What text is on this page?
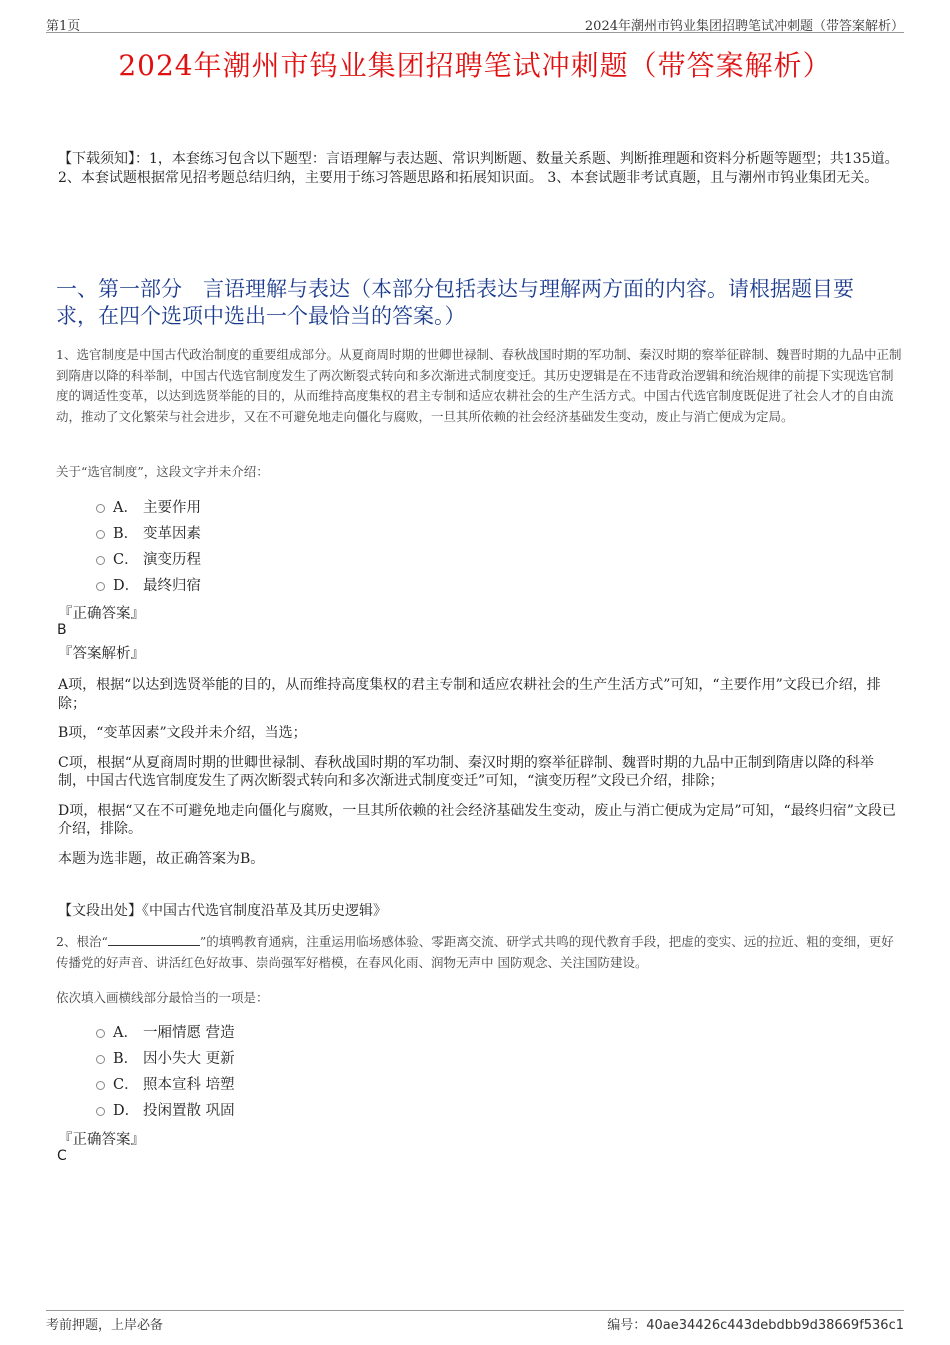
第1页	2024年潮州市钨业集团招聘笔试冲刺题（带答案解析）
2024年潮州市钨业集团招聘笔试冲刺题（带答案解析）
【下载须知】：1，本套练习包含以下题型：言语理解与表达题、常识判断题、数量关系题、判断推理题和资料分析题等题型；共135道。 2、本套试题根据常见招考题总结归纳，主要用于练习答题思路和拓展知识面。 3、本套试题非考试真题，且与潮州市钨业集团无关。
一、第一部分　言语理解与表达（本部分包括表达与理解两方面的内容。请根据题目要求，在四个选项中选出一个最恰当的答案。）
1、选官制度是中国古代政治制度的重要组成部分。从夏商周时期的世卿世禄制、春秋战国时期的军功制、秦汉时期的察举征辟制、魏晋时期的九品中正制到隋唐以降的科举制，中国古代选官制度发生了两次断裂式转向和多次渐进式制度变迁。其历史逻辑是在不违背政治逻辑和统治规律的前提下实现选官制度的调适性变革，以达到选贤举能的目的，从而维持高度集权的君主专制和适应农耕社会的生产生活方式。中国古代选官制度既促进了社会人才的自由流动，推动了文化繁荣与社会进步，又在不可避免地走向僵化与腐败，一旦其所依赖的社会经济基础发生变动，废止与消亡便成为定局。
关于“选官制度”，这段文字并未介绍：
A． 主要作用
B． 变革因素
C． 演变历程
D． 最终归宿
『正确答案』
B
『答案解析』

A项，根据“以达到选贤举能的目的，从而维持高度集权的君主专制和适应农耕社会的生产生活方式”可知，“主要作用”文段已介绍，排除；

B项，“变革因素”文段并未介绍，当选；

C项，根据“从夏商周时期的世卿世禄制、春秋战国时期的军功制、秦汉时期的察举征辟制、魏晋时期的九品中正制到隋唐以降的科举制，中国古代选官制度发生了两次断裂式转向和多次渐进式制度变迁”可知，“演变历程”文段已介绍，排除；

D项，根据“又在不可避免地走向僵化与腐败，一旦其所依赖的社会经济基础发生变动，废止与消亡便成为定局”可知，“最终归宿”文段已介绍，排除。

本题为选非题，故正确答案为B。

【文段出处】《中国古代选官制度沿革及其历史逻辑》
2、根治“	”的填鸭教育通病，注重运用临场感体验、零距离交流、研学式共鸣的现代教育手段，把虚的变实、远的拉近、粗的变细，更好传播党的好声音、讲活红色好故事、崇尚强军好楷模，在春风化雨、润物无声中 国防观念、关注国防建设。
依次填入画横线部分最恰当的一项是：
A． 一厢情愿 营造
B． 因小失大 更新
C． 照本宣科 培塑
D． 投闲置散 巩固
『正确答案』
C
考前押题，上岸必备	编号：40ae34426c443debdbb9d38669f536c1
